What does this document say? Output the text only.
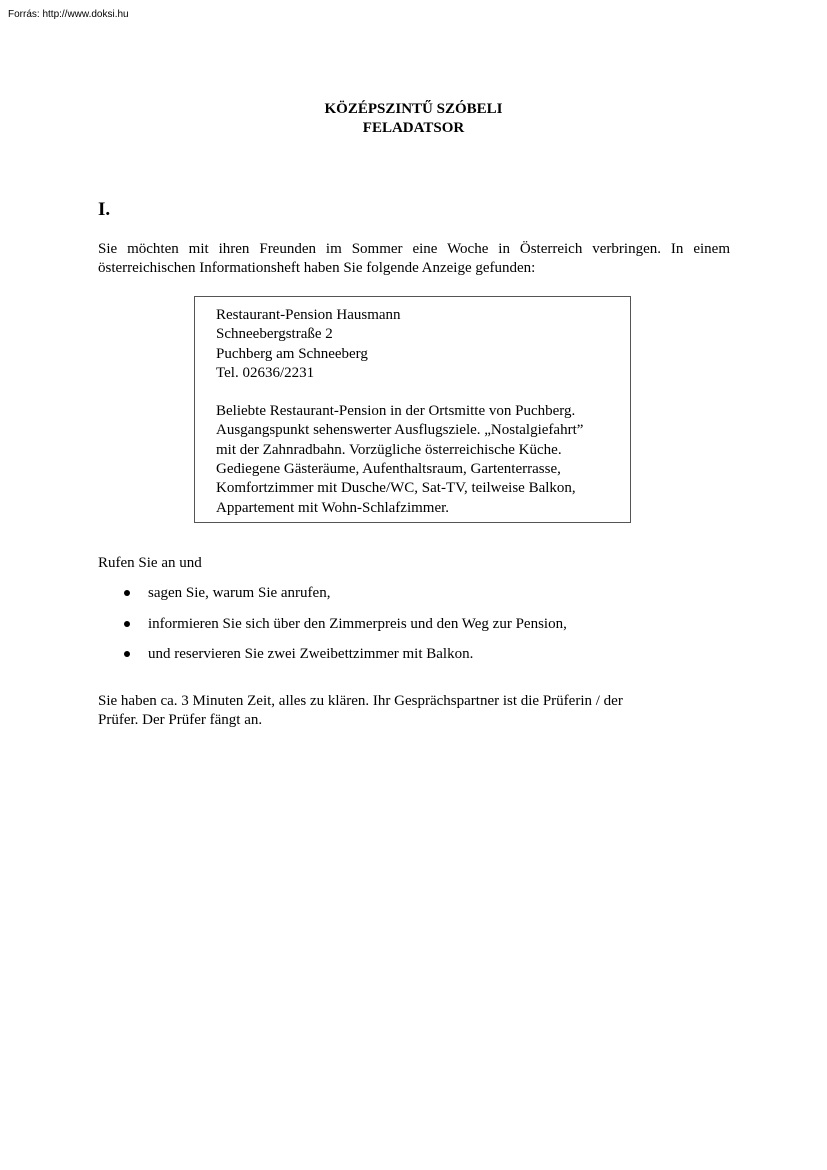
Forrás: http://www.doksi.hu
KÖZÉPSZINTŰ SZÓBELI
FELADATSOR
I.
Sie möchten mit ihren Freunden im Sommer eine Woche in Österreich verbringen. In einem
österreichischen Informationsheft haben Sie folgende Anzeige gefunden:
Restaurant-Pension Hausmann
Schneebergstraße 2
Puchberg am Schneeberg
Tel. 02636/2231
Beliebte Restaurant-Pension in der Ortsmitte von Puchberg.
Ausgangspunkt sehenswerter Ausflugsziele. „Nostalgiefahrt”
mit der Zahnradbahn. Vorzügliche österreichische Küche.
Gediegene Gästeräume, Aufenthaltsraum, Gartenterrasse,
Komfortzimmer mit Dusche/WC, Sat-TV, teilweise Balkon,
Appartement mit Wohn-Schlafzimmer.
Rufen Sie an und
sagen Sie, warum Sie anrufen,
informieren Sie sich über den Zimmerpreis und den Weg zur Pension,
und reservieren Sie zwei Zweibettzimmer mit Balkon.
Sie haben ca. 3 Minuten Zeit, alles zu klären. Ihr Gesprächspartner ist die Prüferin / der
Prüfer. Der Prüfer fängt an.
